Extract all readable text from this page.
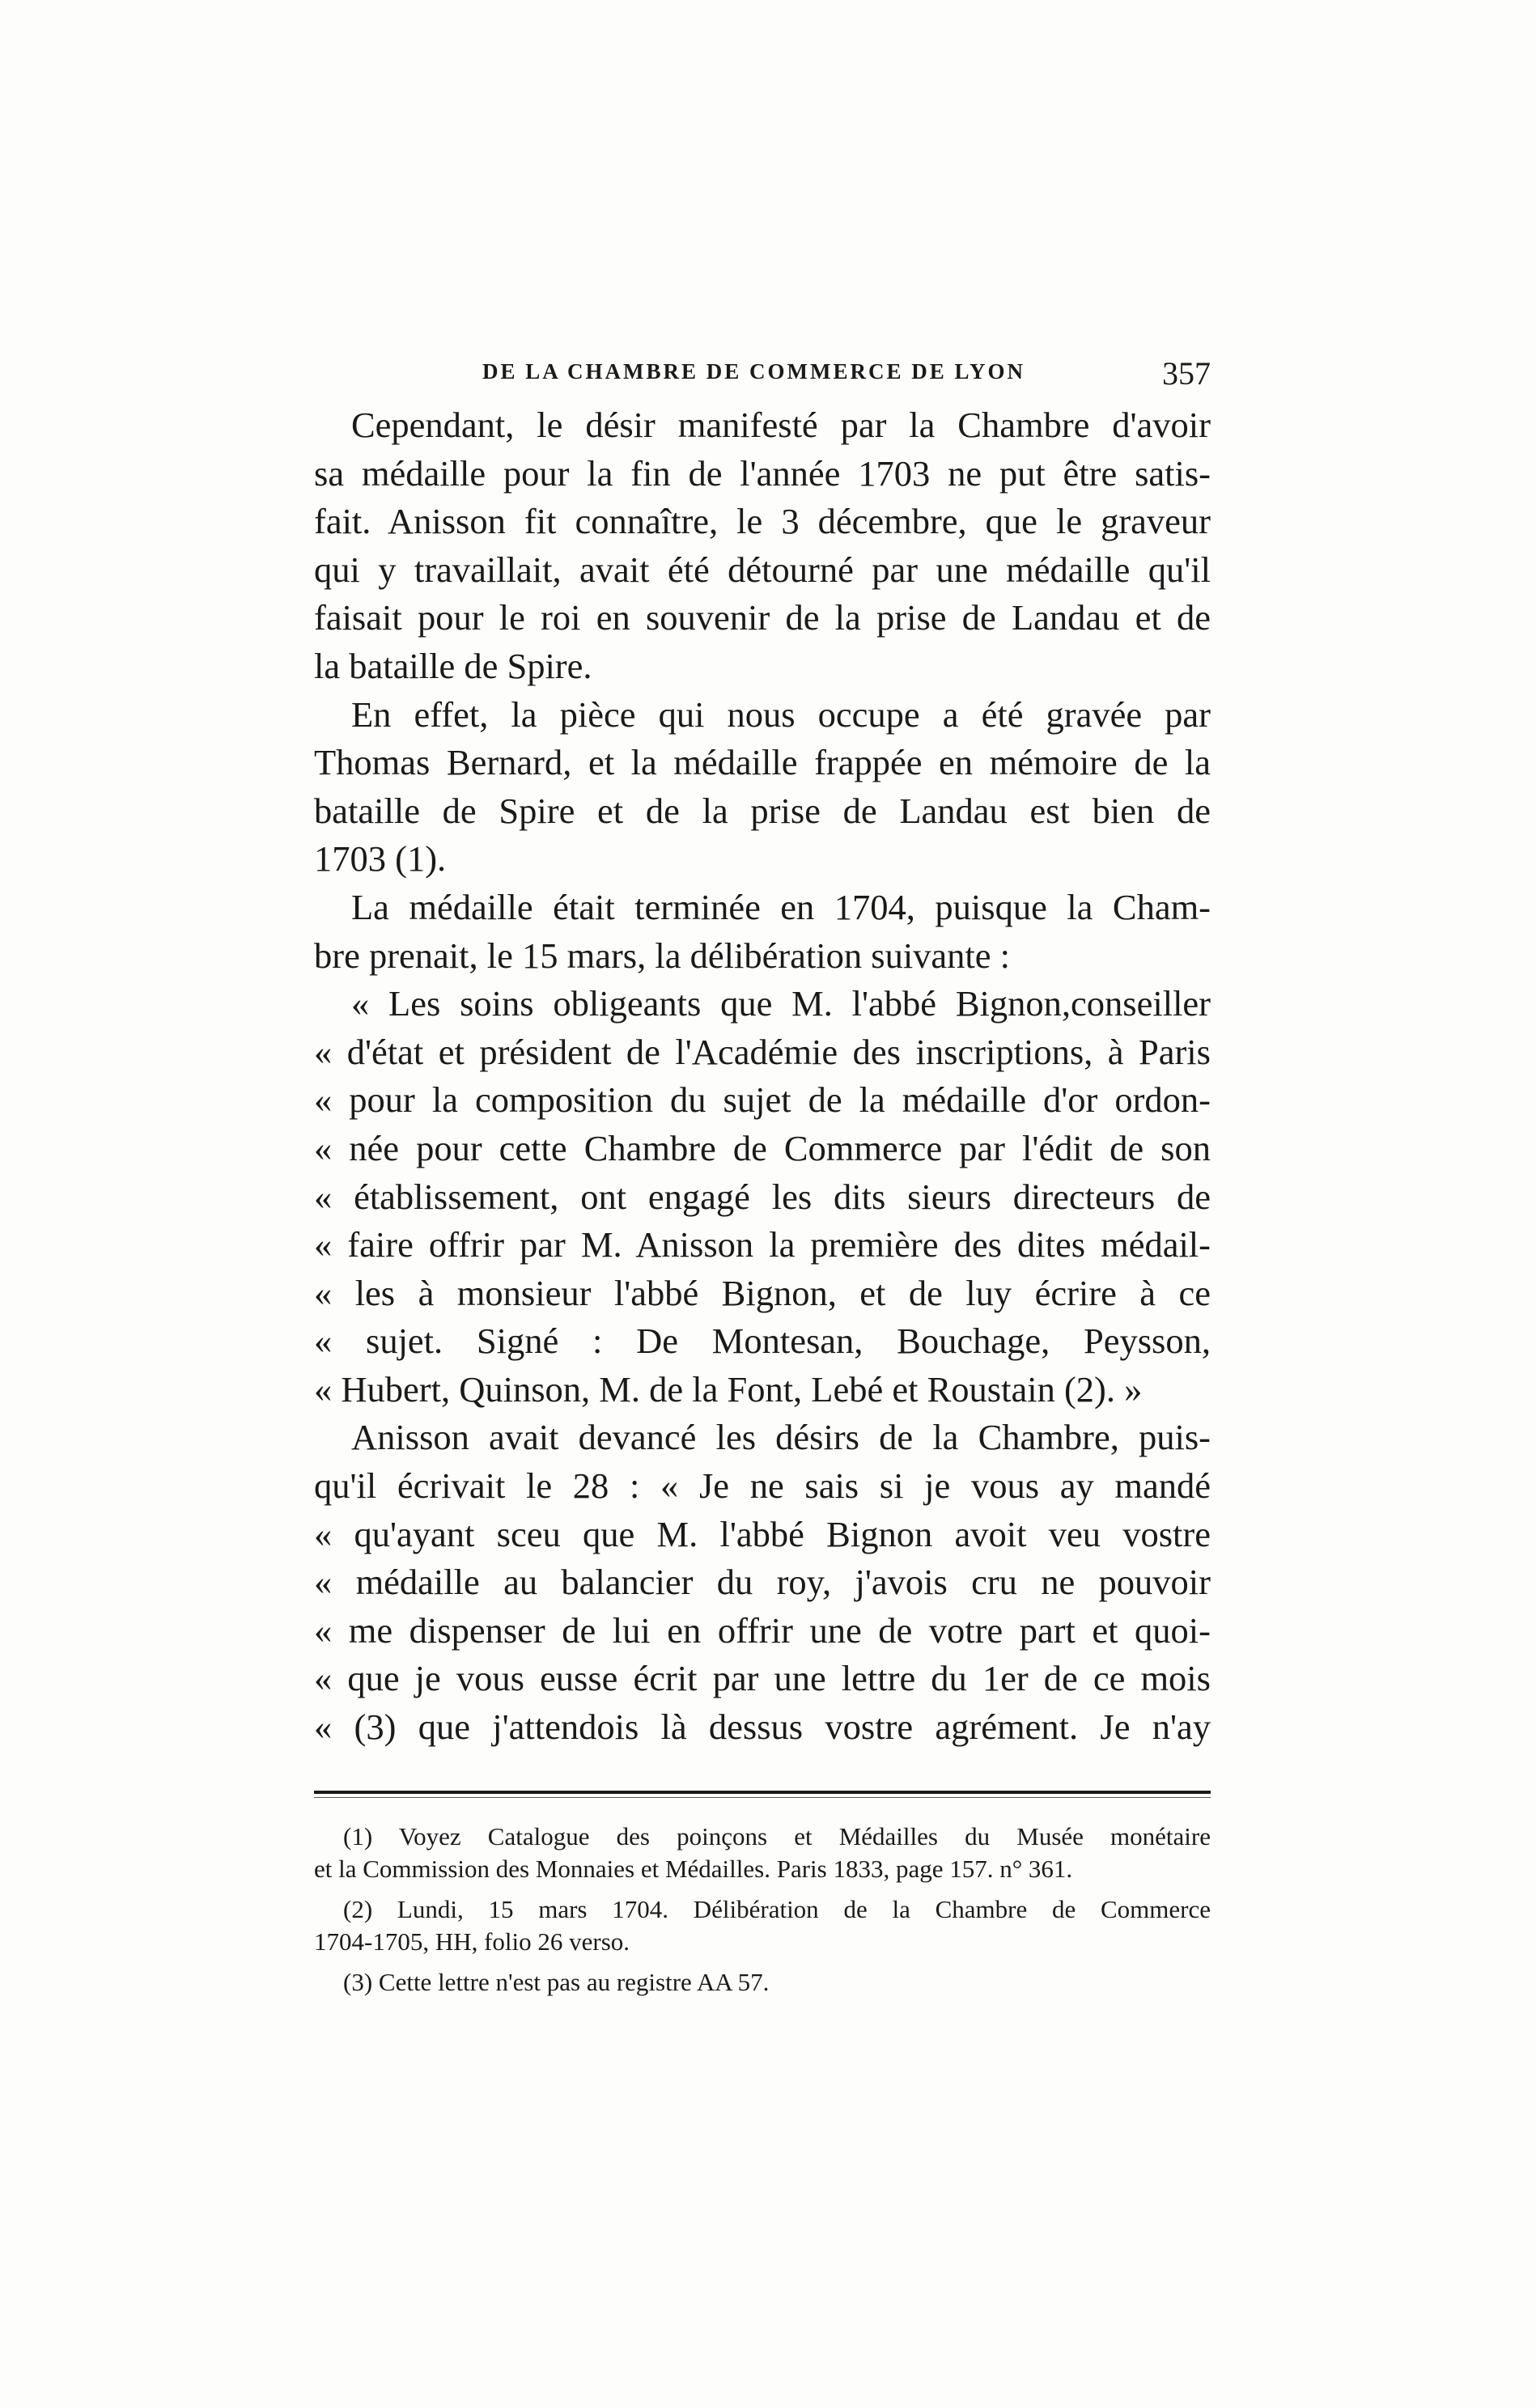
DE LA CHAMBRE DE COMMERCE DE LYON	357
Cependant, le désir manifesté par la Chambre d'avoir
sa médaille pour la fin de l'année 1703 ne put être satis-
fait. Anisson fit connaître, le 3 décembre, que le graveur
qui y travaillait, avait été détourné par une médaille qu'il
faisait pour le roi en souvenir de la prise de Landau et de
la bataille de Spire.
En effet, la pièce qui nous occupe a été gravée par
Thomas Bernard, et la médaille frappée en mémoire de la
bataille de Spire et de la prise de Landau est bien de
1703 (1).
La médaille était terminée en 1704, puisque la Cham-
bre prenait, le 15 mars, la délibération suivante :
« Les soins obligeants que M. l'abbé Bignon,conseiller
« d'état et président de l'Académie des inscriptions, à Paris
« pour la composition du sujet de la médaille d'or ordon-
« née pour cette Chambre de Commerce par l'édit de son
« établissement, ont engagé les dits sieurs directeurs de
« faire offrir par M. Anisson la première des dites médail-
« les à monsieur l'abbé Bignon, et de luy écrire à ce
« sujet. Signé : De Montesan, Bouchage, Peysson,
« Hubert, Quinson, M. de la Font, Lebé et Roustain (2). »
Anisson avait devancé les désirs de la Chambre, puis-
qu'il écrivait le 28 : « Je ne sais si je vous ay mandé
« qu'ayant sceu que M. l'abbé Bignon avoit veu vostre
« médaille au balancier du roy, j'avois cru ne pouvoir
« me dispenser de lui en offrir une de votre part et quoi-
« que je vous eusse écrit par une lettre du 1er de ce mois
« (3) que j'attendois là dessus vostre agrément. Je n'ay
(1) Voyez Catalogue des poinçons et Médailles du Musée monétaire
et la Commission des Monnaies et Médailles. Paris 1833, page 157. n° 361.
(2) Lundi, 15 mars 1704. Délibération de la Chambre de Commerce
1704-1705, HH, folio 26 verso.
(3) Cette lettre n'est pas au registre AA 57.
